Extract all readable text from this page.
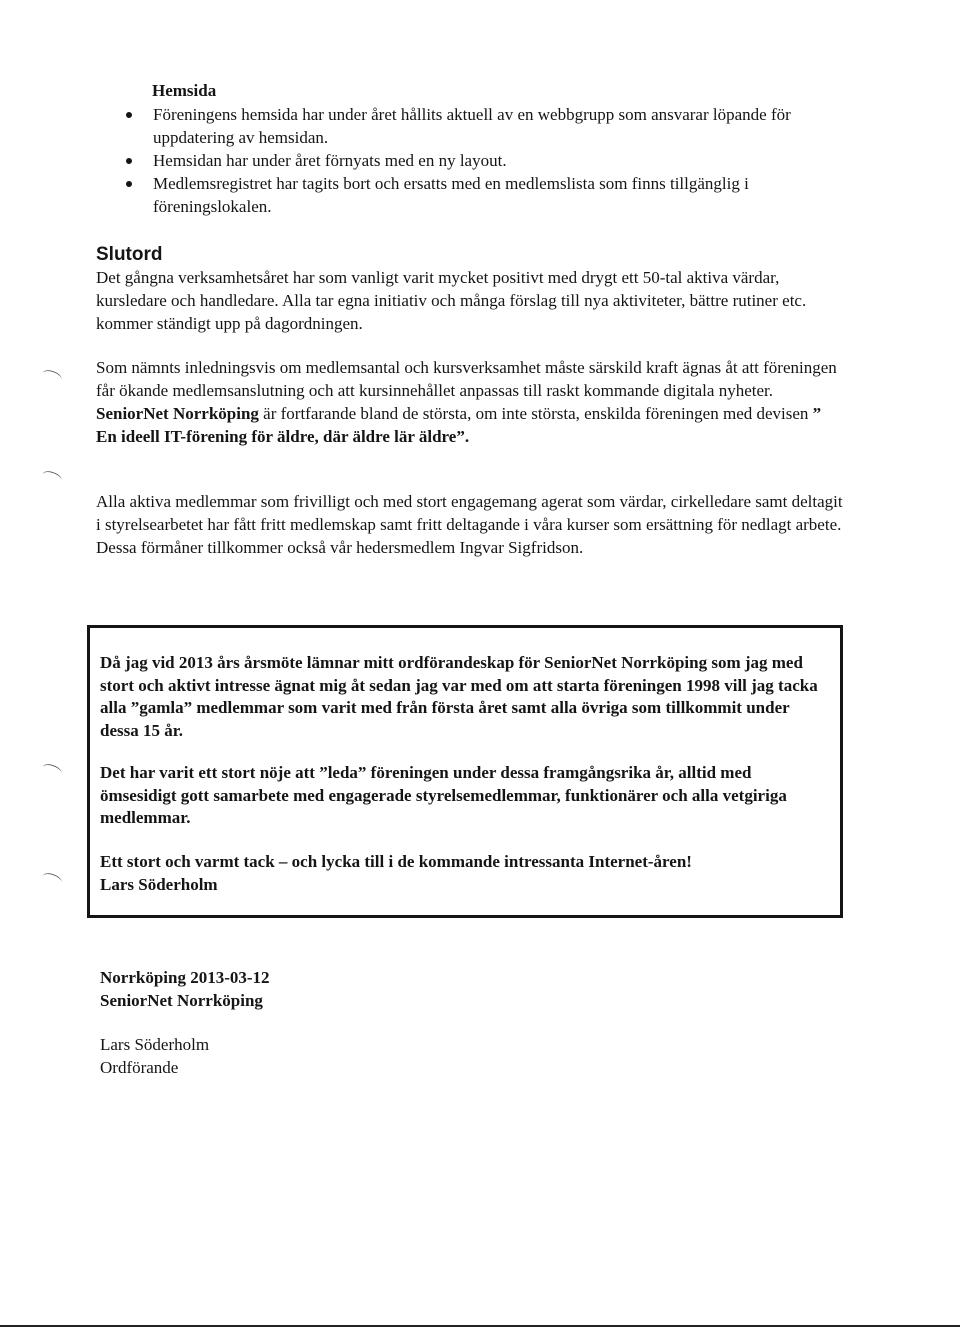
Hemsida
Föreningens hemsida har under året hållits aktuell av en webbgrupp som ansvarar löpande för uppdatering av hemsidan.
Hemsidan har under året förnyats med en ny layout.
Medlemsregistret har tagits bort och ersatts med en medlemslista som finns tillgänglig i föreningslokalen.
Slutord

Det gångna verksamhetsåret har som vanligt varit mycket positivt med drygt ett 50-tal aktiva värdar, kursledare och handledare. Alla tar egna initiativ och många förslag till nya aktiviteter, bättre rutiner etc. kommer ständigt upp på dagordningen.

Som nämnts inledningsvis om medlemsantal och kursverksamhet måste särskild kraft ägnas åt att föreningen får ökande medlemsanslutning och att kursinnehållet anpassas till raskt kommande digitala nyheter. SeniorNet Norrköping är fortfarande bland de största, om inte största, enskilda föreningen med devisen ” En ideell IT-förening för äldre, där äldre lär äldre”.

Alla aktiva medlemmar som frivilligt och med stort engagemang agerat som värdar, cirkelledare samt deltagit i styrelsearbetet har fått fritt medlemskap samt fritt deltagande i våra kurser som ersättning för nedlagt arbete. Dessa förmåner tillkommer också vår hedersmedlem Ingvar Sigfridson.

Då jag vid 2013 års årsmöte lämnar mitt ordförandeskap för SeniorNet Norrköping som jag med stort och aktivt intresse ägnat mig åt sedan jag var med om att starta föreningen 1998 vill jag tacka alla ”gamla” medlemmar som varit med från första året samt alla övriga som tillkommit under dessa 15 år.

Det har varit ett stort nöje att ”leda” föreningen under dessa framgångsrika år, alltid med ömsesidigt gott samarbete med engagerade styrelsemedlemmar, funktionärer och alla vetgiriga medlemmar.

Ett stort och varmt tack – och lycka till i de kommande intressanta Internet-åren!
Lars Söderholm

Norrköping 2013-03-12
SeniorNet Norrköping

Lars Söderholm
Ordförande
